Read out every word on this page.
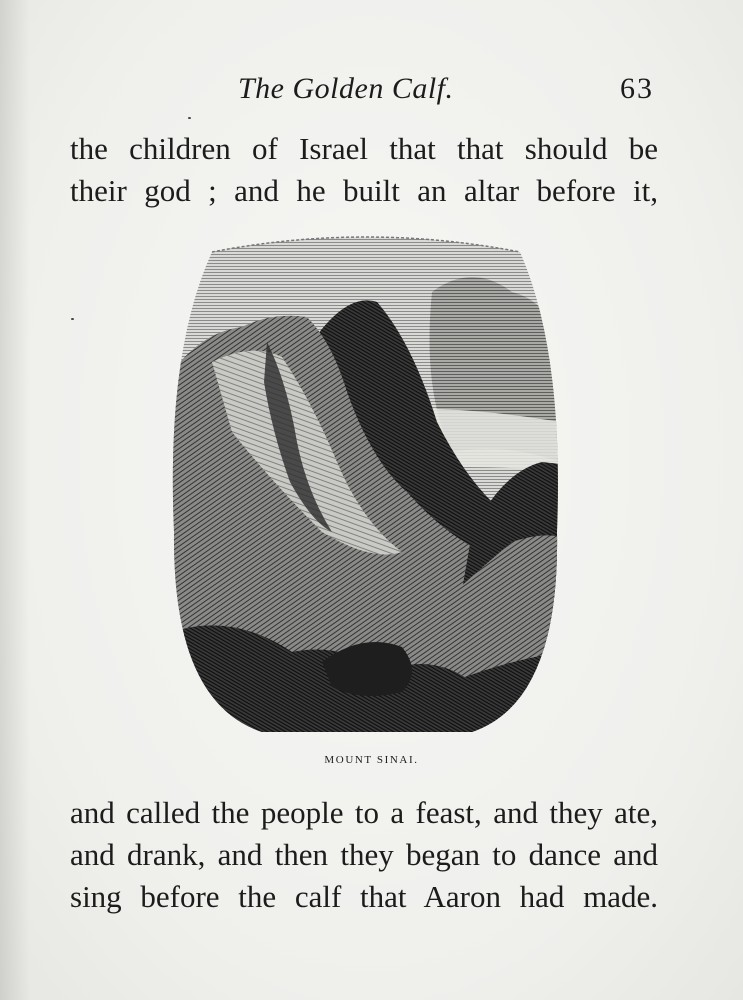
The Golden Calf.	63
the children of Israel that that should be
their god ; and he built an altar before it,
MOUNT SINAI.
and called the people to a feast, and they ate,
and drank, and then they began to dance and
sing before the calf that Aaron had made.
